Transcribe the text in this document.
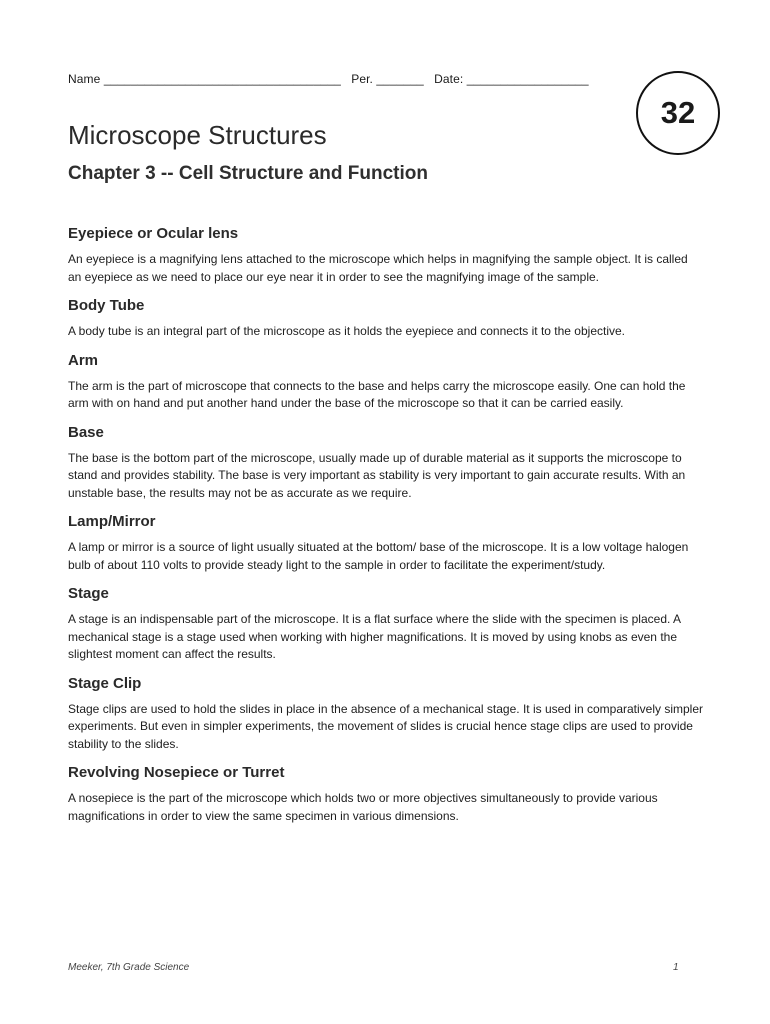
Name ___________________________________   Per. _______   Date: __________________
32
Microscope Structures
Chapter 3 -- Cell Structure and Function
Eyepiece or Ocular lens

An eyepiece is a magnifying lens attached to the microscope which helps in magnifying the sample object. It is called an eyepiece as we need to place our eye near it in order to see the magnifying image of the sample.

Body Tube

A body tube is an integral part of the microscope as it holds the eyepiece and connects it to the objective.

Arm

The arm is the part of microscope that connects to the base and helps carry the microscope easily. One can hold the arm with on hand and put another hand under the base of the microscope so that it can be carried easily.

Base

The base is the bottom part of the microscope, usually made up of durable material as it supports the microscope to stand and provides stability. The base is very important as stability is very important to gain accurate results. With an unstable base, the results may not be as accurate as we require.

Lamp/Mirror

A lamp or mirror is a source of light usually situated at the bottom/ base of the microscope. It is a low voltage halogen bulb of about 110 volts to provide steady light to the sample in order to facilitate the experiment/study.

Stage

A stage is an indispensable part of the microscope. It is a flat surface where the slide with the specimen is placed. A mechanical stage is a stage used when working with higher magnifications. It is moved by using knobs as even the slightest moment can affect the results.

Stage Clip

Stage clips are used to hold the slides in place in the absence of a mechanical stage. It is used in comparatively simpler experiments. But even in simpler experiments, the movement of slides is crucial hence stage clips are used to provide stability to the slides.

Revolving Nosepiece or Turret

A nosepiece is the part of the microscope which holds two or more objectives simultaneously to provide various magnifications in order to view the same specimen in various dimensions.

Meeker, 7th Grade Science	1
